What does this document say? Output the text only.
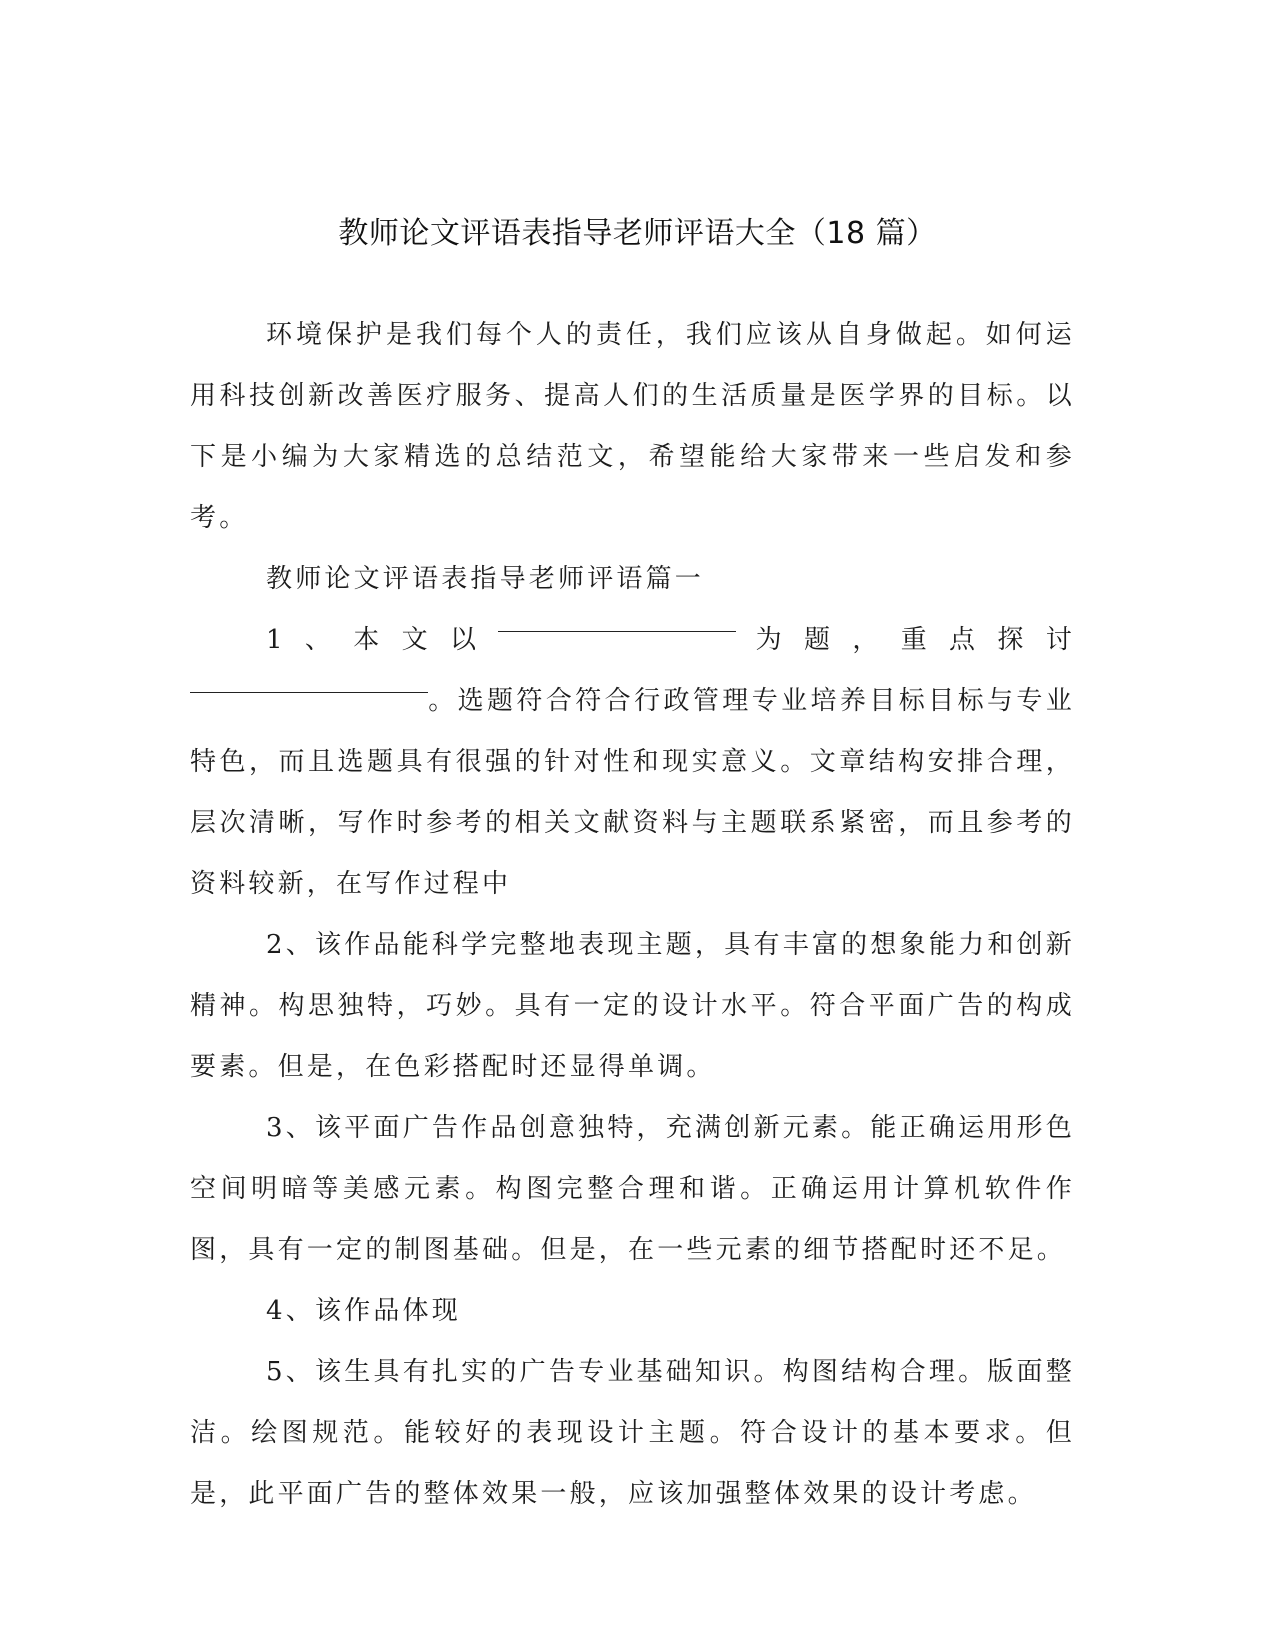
教师论文评语表指导老师评语大全（18 篇）

环境保护是我们每个人的责任，我们应该从自身做起。如何运用科技创新改善医疗服务、提高人们的生活质量是医学界的目标。以下是小编为大家精选的总结范文，希望能给大家带来一些启发和参考。

教师论文评语表指导老师评语篇一

1、本文以	为题，重点探讨。选题符合符合行政管理专业培养目标目标与专业特色，而且选题具有很强的针对性和现实意义。文章结构安排合理，层次清晰，写作时参考的相关文献资料与主题联系紧密，而且参考的资料较新，在写作过程中

2、该作品能科学完整地表现主题，具有丰富的想象能力和创新精神。构思独特，巧妙。具有一定的设计水平。符合平面广告的构成要素。但是，在色彩搭配时还显得单调。

3、该平面广告作品创意独特，充满创新元素。能正确运用形色空间明暗等美感元素。构图完整合理和谐。正确运用计算机软件作图，具有一定的制图基础。但是，在一些元素的细节搭配时还不足。

4、该作品体现

5、该生具有扎实的广告专业基础知识。构图结构合理。版面整洁。绘图规范。能较好的表现设计主题。符合设计的基本要求。但是，此平面广告的整体效果一般，应该加强整体效果的设计考虑。
